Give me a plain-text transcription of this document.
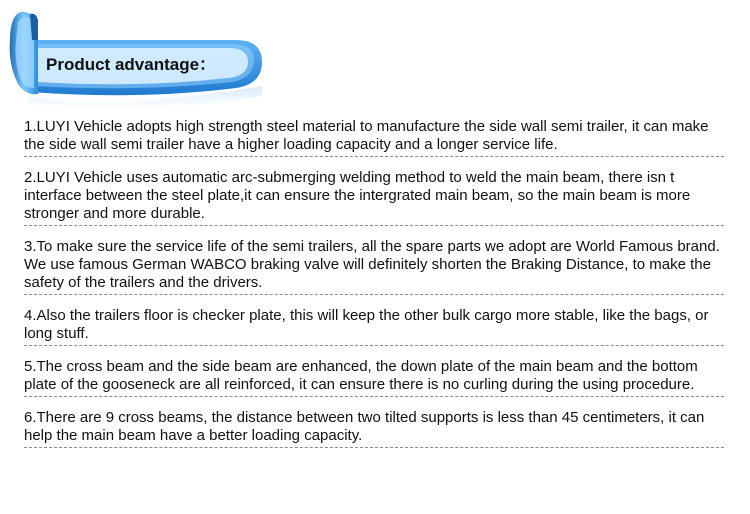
Product advantage：

1.LUYI Vehicle adopts high strength steel material to manufacture the side wall semi trailer, it can make the side wall semi trailer have a higher loading capacity and a longer service life.

2.LUYI Vehicle uses automatic arc-submerging welding method to weld the main beam, there isn t interface between the steel plate,it can ensure the intergrated main beam, so the main beam is more stronger and more durable.

3.To make sure the service life of the semi trailers, all the spare parts we adopt are World Famous brand. We use famous German WABCO braking valve will definitely shorten the Braking Distance, to make the safety of the trailers and the drivers.

4.Also the trailers floor is checker plate, this will keep the other bulk cargo more stable, like the bags, or long stuff.

5.The cross beam and the side beam are enhanced, the down plate of the main beam and the bottom plate of the gooseneck are all reinforced, it can ensure there is no curling during the using procedure.

6.There are 9 cross beams, the distance between two tilted supports is less than 45 centimeters, it can help the main beam have a better loading capacity.
